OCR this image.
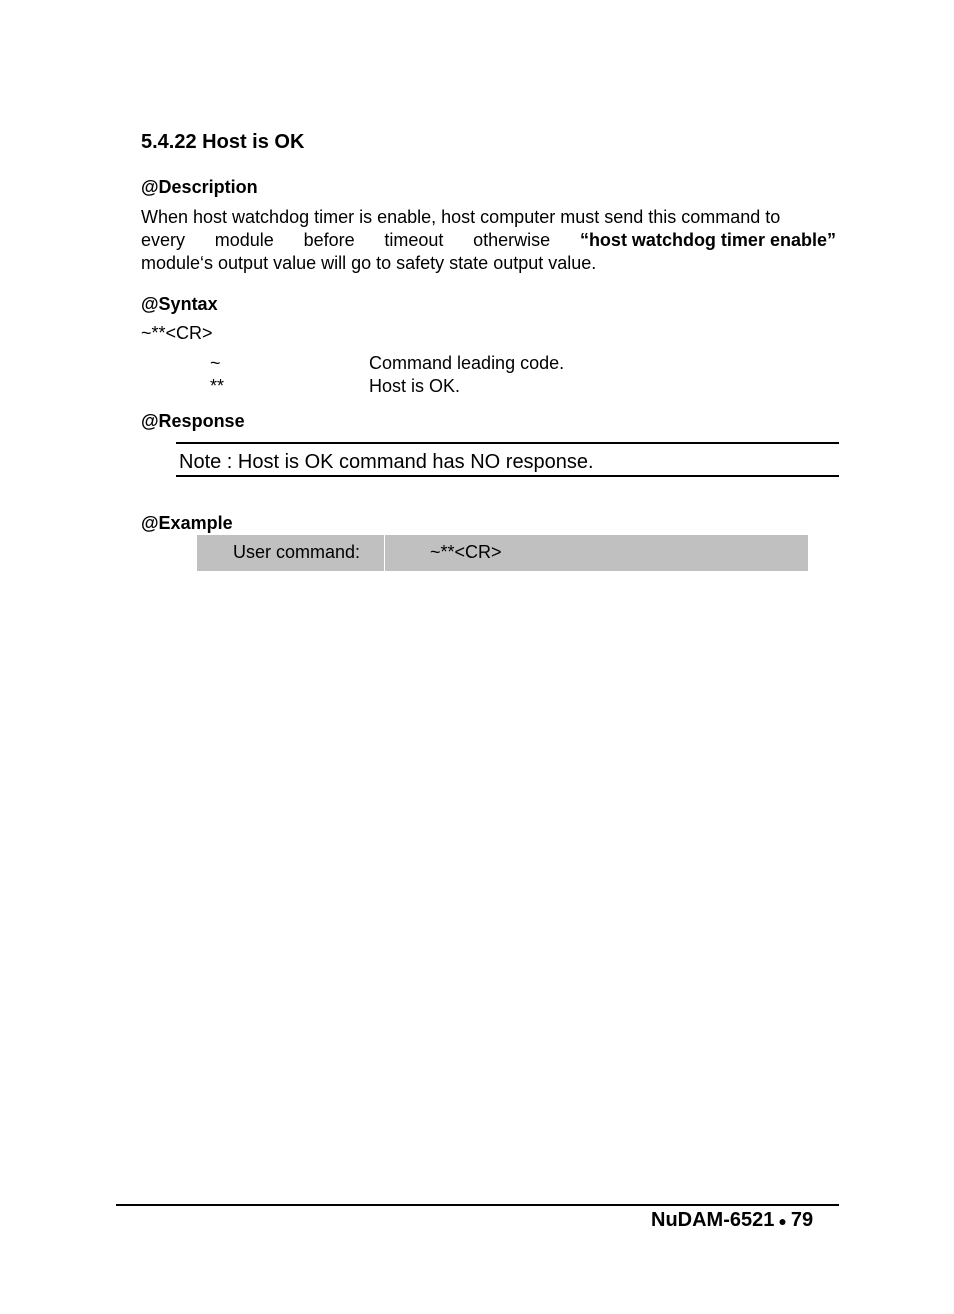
5.4.22 Host is OK
@Description
When host watchdog timer is enable, host computer must send this command to
every module before timeout otherwise “host watchdog timer enable”
module‘s output value will go to safety state output value.
@Syntax
~**<CR>
~	Command leading code.
**	Host is OK.
@Response
Note : Host is OK command has NO response.
@Example
User command:	~**<CR>
NuDAM-6521 ● 79
